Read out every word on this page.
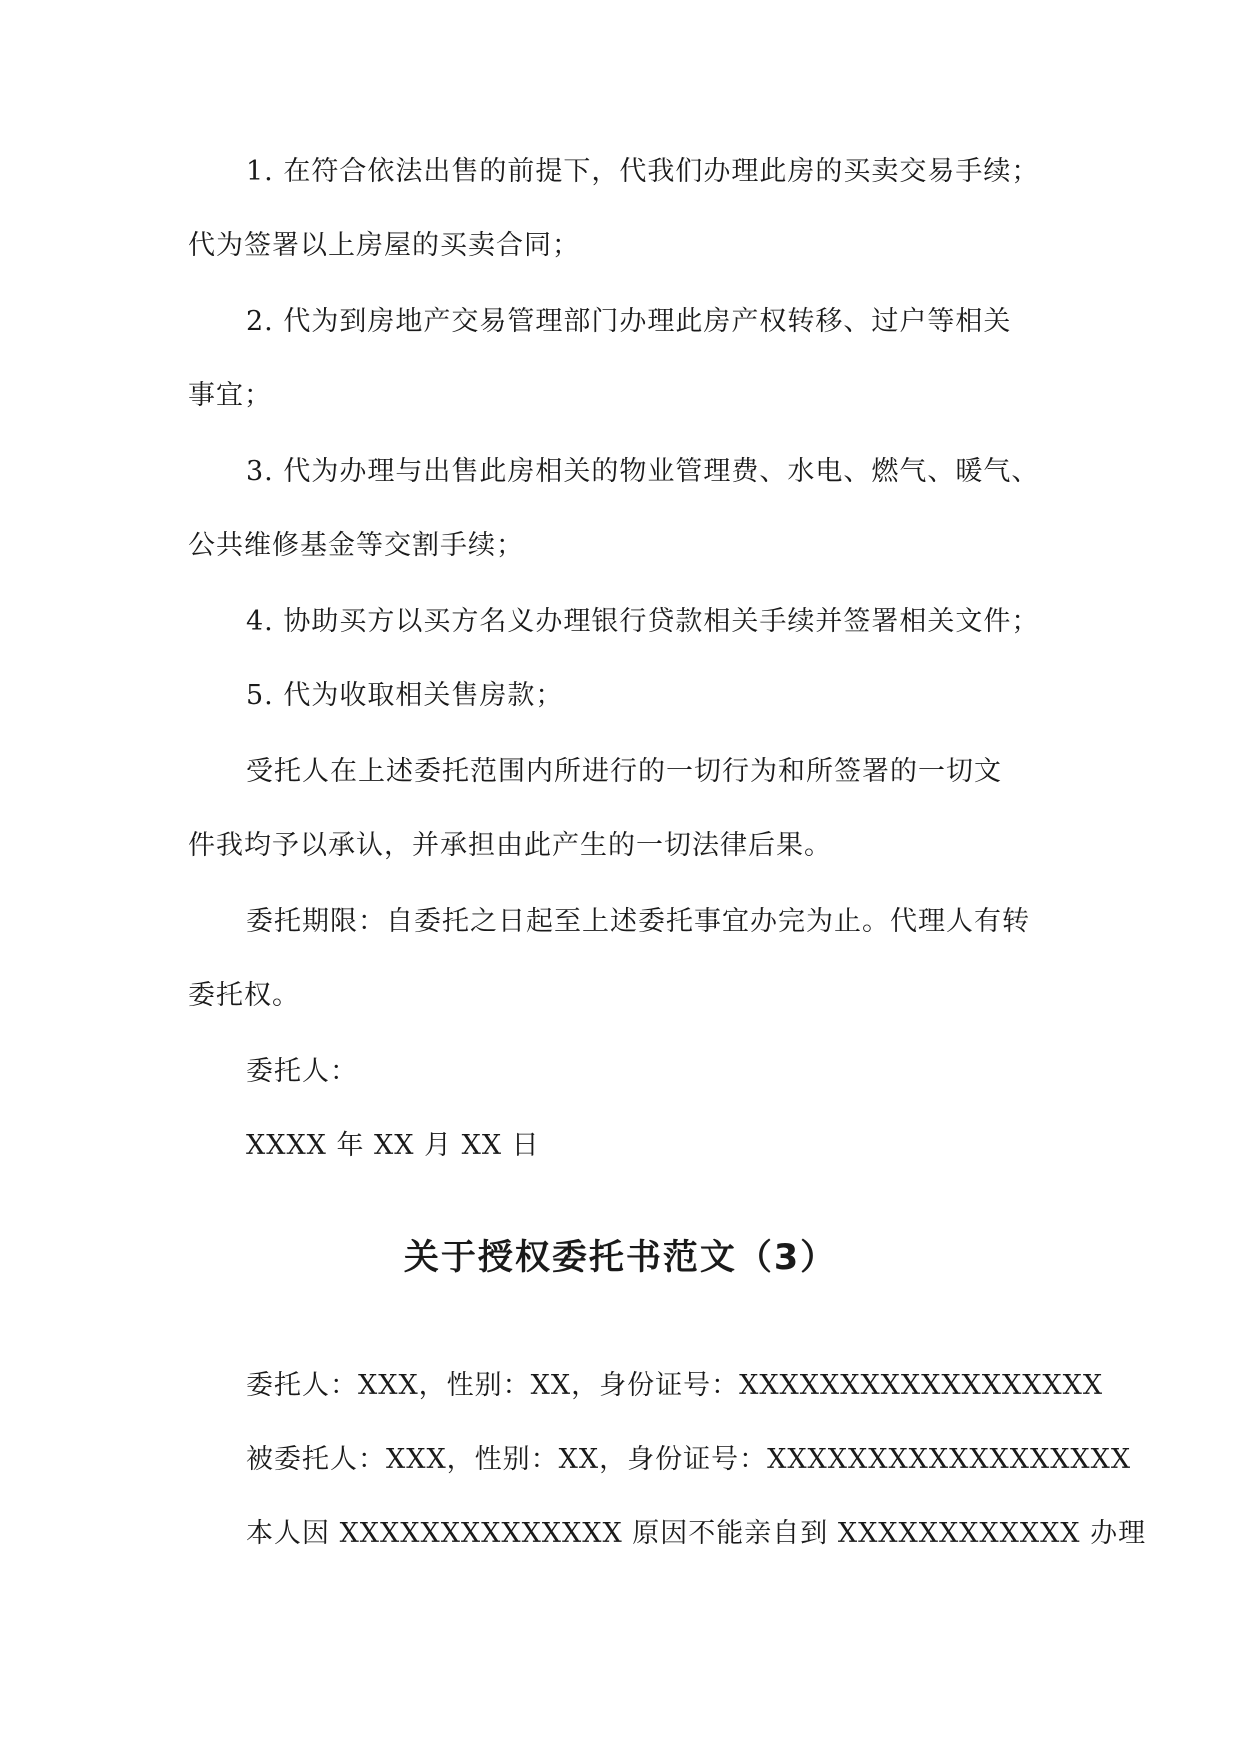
1. 在符合依法出售的前提下，代我们办理此房的买卖交易手续；
代为签署以上房屋的买卖合同；
2. 代为到房地产交易管理部门办理此房产权转移、过户等相关
事宜；
3. 代为办理与出售此房相关的物业管理费、水电、燃气、暖气、
公共维修基金等交割手续；
4. 协助买方以买方名义办理银行贷款相关手续并签署相关文件；
5. 代为收取相关售房款；
受托人在上述委托范围内所进行的一切行为和所签署的一切文
件我均予以承认，并承担由此产生的一切法律后果。
委托期限：自委托之日起至上述委托事宜办完为止。代理人有转
委托权。
委托人：
XXXX 年 XX 月 XX 日
关于授权委托书范文（3）
委托人：XXX，性别：XX，身份证号：XXXXXXXXXXXXXXXXXX
被委托人：XXX，性别：XX，身份证号：XXXXXXXXXXXXXXXXXX
本人因 XXXXXXXXXXXXXX 原因不能亲自到 XXXXXXXXXXXX 办理
